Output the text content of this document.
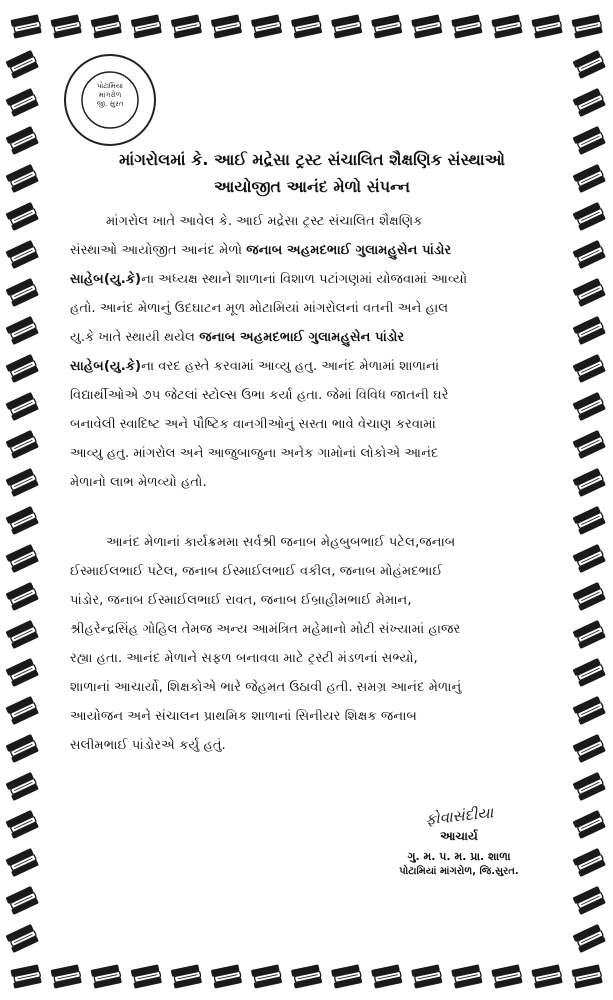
પોટામિયાં
માંગરોળ
જી. સુરત
માંગરોલમાં કે. આઈ મદ્રેસા ટ્રસ્ટ સંચાલિત શૈક્ષણિક સંસ્થાઓ
આયોજીત આનંદ મેળો સંપન્ન
માંગરોલ ખાતે આવેલ કે. આઈ મદ્રેસા ટ્રસ્ટ સંચાલિત શૈક્ષણિક
સંસ્થાઓ આયોજીત આનંદ મેળો જનાબ અહમદભાઈ ગુલામહુસેન પાંડોર
સાહેબ(યુ.કે)ના અધ્યક્ષ સ્થાને શાળાનાં વિશાળ પટાંગણમાં યોજવામાં આવ્યો
હતો. આનંદ મેળાનું ઉદઘાટન મૂળ મોટામિયાં માંગરોલનાં વતની અને હાલ
યુ.કે ખાતે સ્થાયી થયેલ જનાબ અહમદભાઈ ગુલામહુસેન પાંડોર
સાહેબ(યુ.કે)ના વરદ હસ્તે કરવામાં આવ્યુ હતુ. આનંદ મેળામાં શાળાનાં
વિદ્યાર્થીઓએ ૭૫ જેટલાં સ્ટોલ્સ ઉભા કર્યા હતા. જેમાં વિવિધ જાતની ઘરે
બનાવેલી સ્વાદિષ્ટ અને પૌષ્ટિક વાનગીઓનું સસ્તા ભાવે વેચાણ કરવામાં
આવ્યુ હતુ. માંગરોલ અને આજુબાજુના અનેક ગામોનાં લોકોએ આનંદ
મેળાનો લાભ મેળવ્યો હતો.
આનંદ મેળાનાં કાર્યક્રમમા સર્વશ્રી જનાબ મેહબુબભાઈ પટેલ,જનાબ
ઈસ્માઈલભાઈ પટેલ, જનાબ ઈસ્માઈલભાઈ વકીલ, જનાબ મોહંમદભાઈ
પાંડોર, જનાબ ઈસ્માઈલભાઈ રાવત, જનાબ ઈબ્રાહીમભાઈ મેમાન,
શ્રીહરેન્દ્રસિંહ ગોહિલ તેમજ અન્ય આમંત્રિત મહેમાનો મોટી સંખ્યામાં હાજર
રહ્યા હતા. આનંદ મેળાને સફળ બનાવવા માટે ટ્રસ્ટી મંડળનાં સભ્યો,
શાળાનાં આચાર્યો, શિક્ષકોએ ભારે જેહમત ઉઠાવી હતી. સમગ્ર આનંદ મેળાનું
આયોજન અને સંચાલન પ્રાથમિક શાળાનાં સિનીયર શિક્ષક જનાબ
સલીમભાઈ પાંડોરએ કર્યુ હતું.
ફોવાસંદીયા
આચાર્ય
ગુ. મ. પ. મ. પ્રા. શાળા
પોટામિયાં માંગરોળ, જિ.સુરત.
